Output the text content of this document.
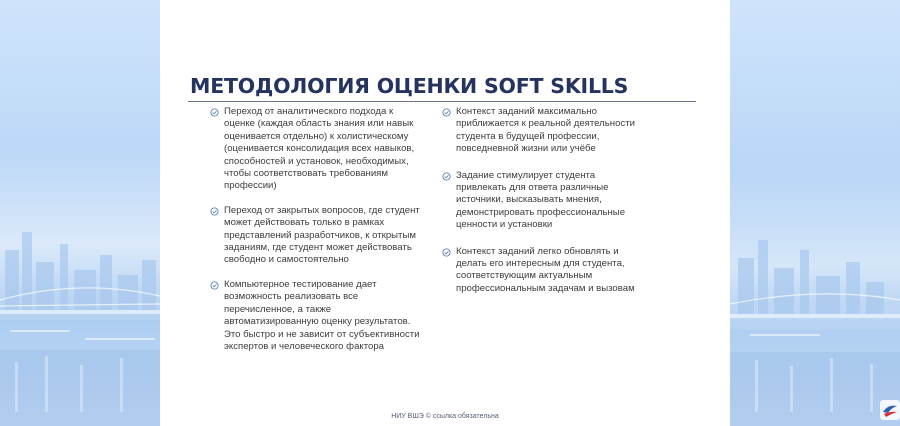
МЕТОДОЛОГИЯ ОЦЕНКИ SOFT SKILLS
Переход от аналитического подхода к оценке (каждая область знания или навык оценивается отдельно) к холистическому (оценивается консолидация всех навыков, способностей и установок, необходимых, чтобы соответствовать требованиям профессии)
Переход от закрытых вопросов, где студент может действовать только в рамках представлений разработчиков, к открытым заданиям, где студент может действовать свободно и самостоятельно
Компьютерное тестирование дает возможность реализовать все перечисленное, а также автоматизированную оценку результатов. Это быстро и не зависит от субъективности экспертов и человеческого фактора
Контекст заданий максимально приближается к реальной деятельности студента в будущей профессии, повседневной жизни или учёбе
Задание стимулирует студента привлекать для ответа различные источники, высказывать мнения, демонстрировать профессиональные ценности и установки
Контекст заданий легко обновлять и делать его интересным для студента, соответствующим актуальным профессиональным задачам и вызовам
НИУ ВШЭ © ссылка обязательна
